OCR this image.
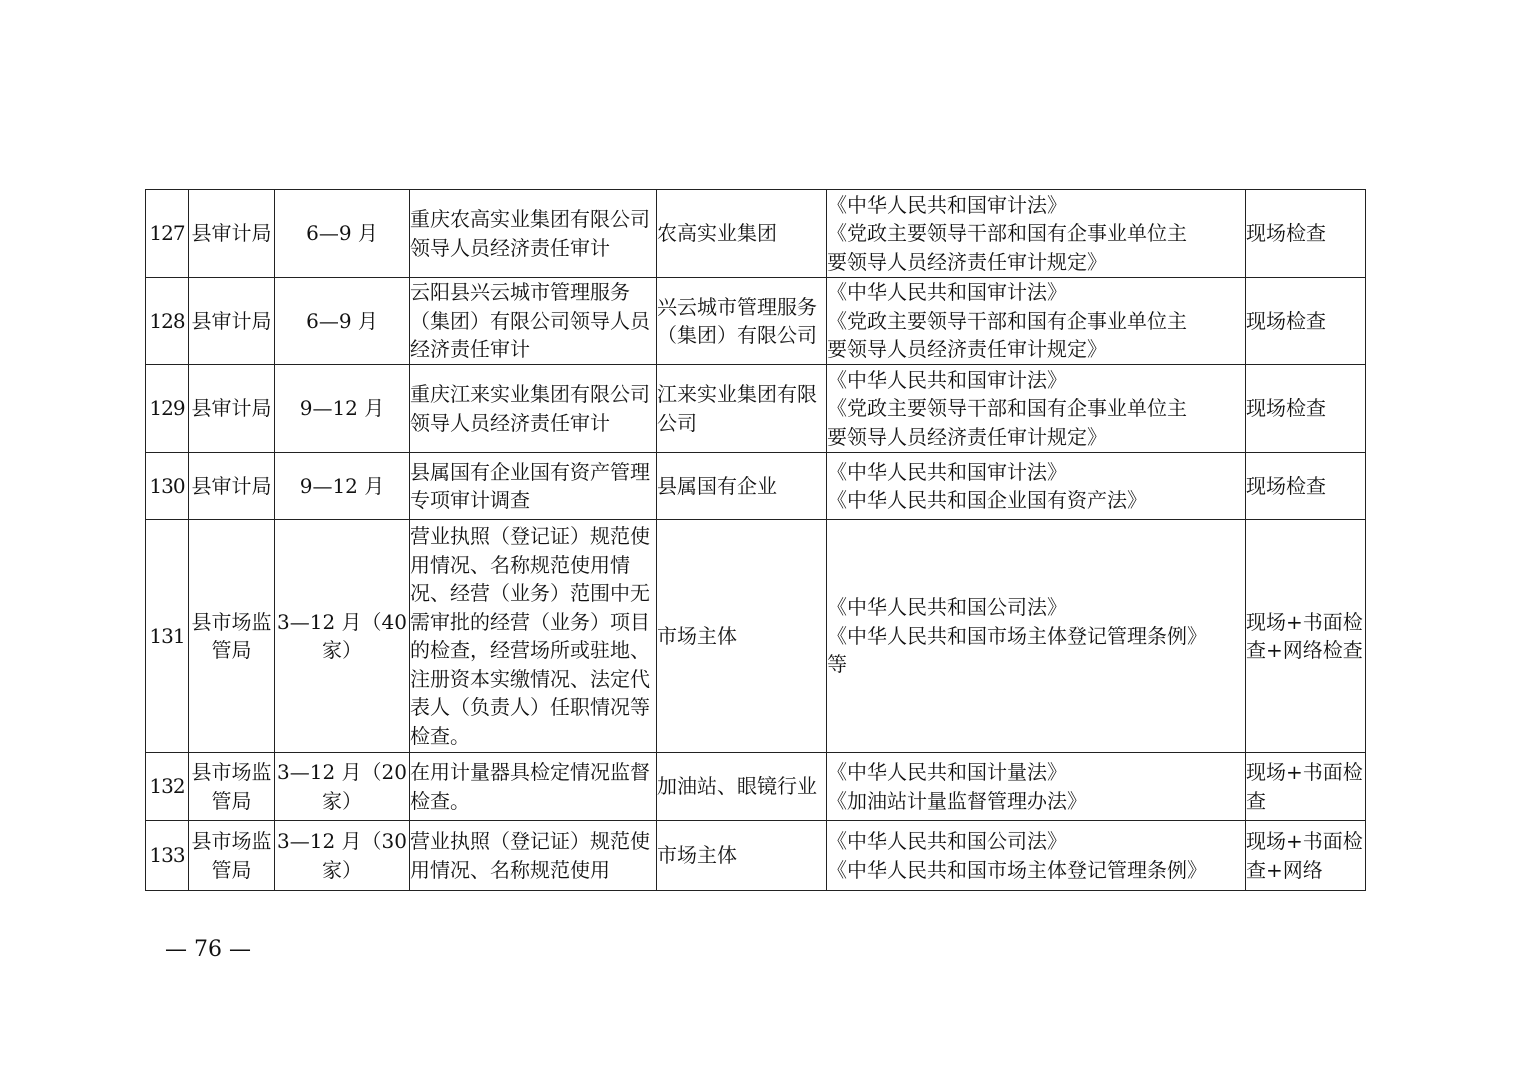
127	县审计局	6—9 月	重庆农高实业集团有限公司领导人员经济责任审计	农高实业集团	《中华人民共和国审计法》
《党政主要领导干部和国有企事业单位主
要领导人员经济责任审计规定》	现场检查
128	县审计局	6—9 月	云阳县兴云城市管理服务（集团）有限公司领导人员经济责任审计	兴云城市管理服务（集团）有限公司	《中华人民共和国审计法》
《党政主要领导干部和国有企事业单位主
要领导人员经济责任审计规定》	现场检查
129	县审计局	9—12 月	重庆江来实业集团有限公司领导人员经济责任审计	江来实业集团有限公司	《中华人民共和国审计法》
《党政主要领导干部和国有企事业单位主
要领导人员经济责任审计规定》	现场检查
130	县审计局	9—12 月	县属国有企业国有资产管理专项审计调查	县属国有企业	《中华人民共和国审计法》
《中华人民共和国企业国有资产法》	现场检查
131	县市场监管局	3—12 月（40 家）	营业执照（登记证）规范使用情况、名称规范使用情况、经营（业务）范围中无需审批的经营（业务）项目的检查，经营场所或驻地、注册资本实缴情况、法定代表人（负责人）任职情况等检查。	市场主体	《中华人民共和国公司法》
《中华人民共和国市场主体登记管理条例》
等	现场+书面检查+网络检查
132	县市场监管局	3—12 月（20 家）	在用计量器具检定情况监督检查。	加油站、眼镜行业	《中华人民共和国计量法》
《加油站计量监督管理办法》	现场+书面检查
133	县市场监管局	3—12 月（30 家）	营业执照（登记证）规范使用情况、名称规范使用	市场主体	《中华人民共和国公司法》
《中华人民共和国市场主体登记管理条例》	现场+书面检查+网络
— 76 —
